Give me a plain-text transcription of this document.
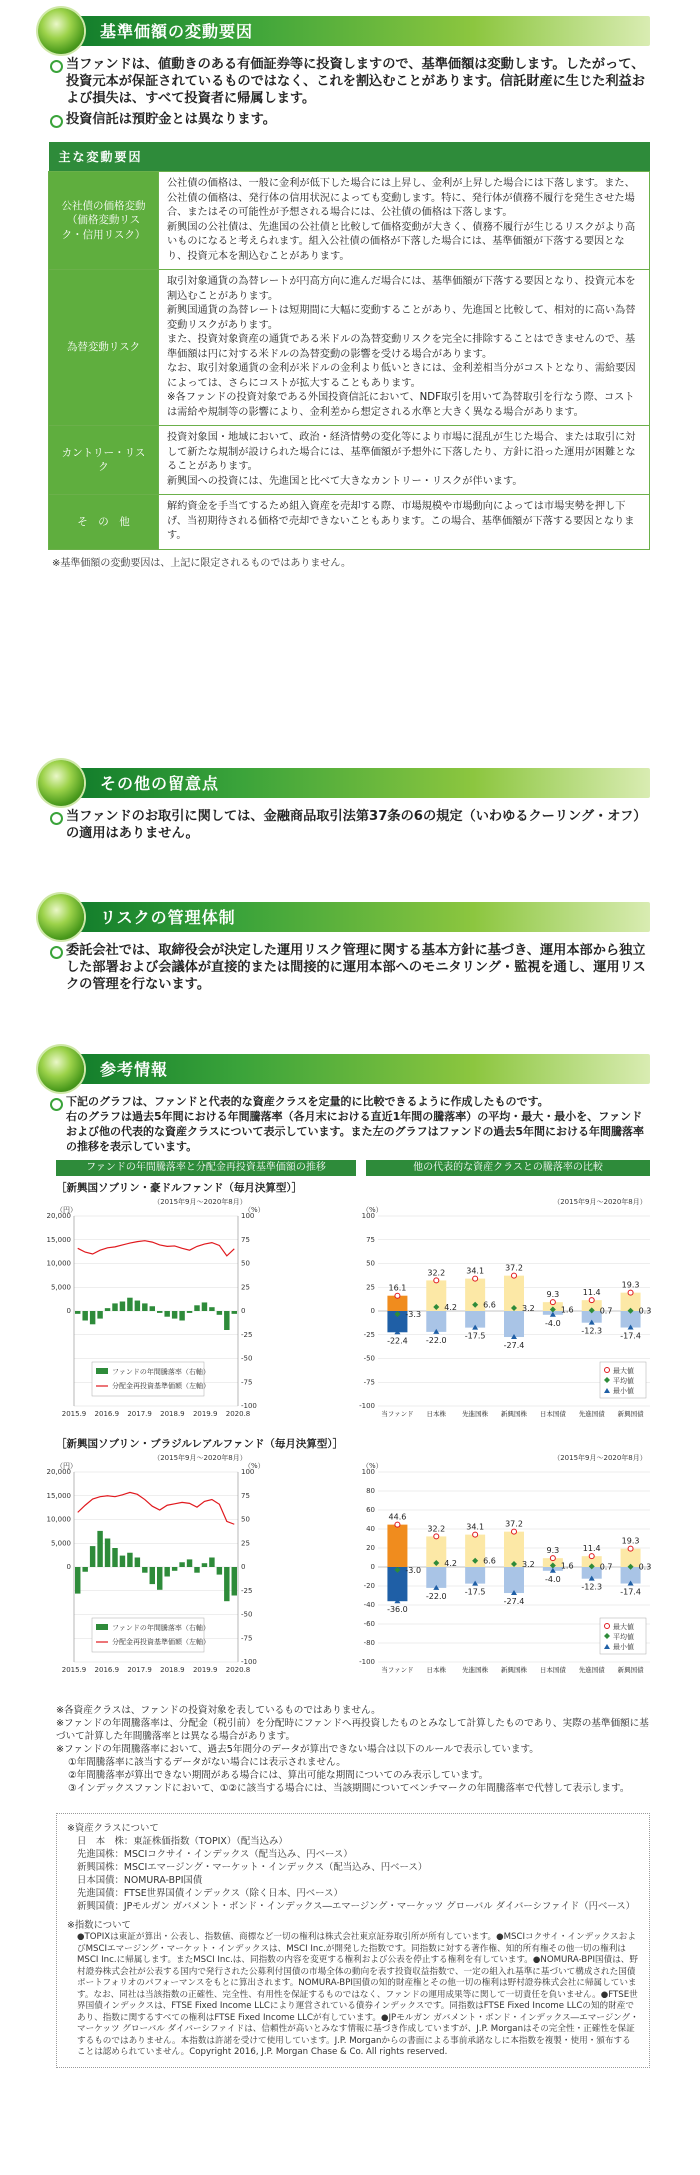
基準価額の変動要因
当ファンドは、値動きのある有価証券等に投資しますので、基準価額は変動します。したがって、投資元本が保証されているものではなく、これを割込むことがあります。信託財産に生じた利益および損失は、すべて投資者に帰属します。
投資信託は預貯金とは異なります。
主な変動要因	
公社債の価格変動
（価格変動リスク・信用リスク）	公社債の価格は、一般に金利が低下した場合には上昇し、金利が上昇した場合には下落します。また、公社債の価格は、発行体の信用状況によっても変動します。特に、発行体が債務不履行を発生させた場合、またはその可能性が予想される場合には、公社債の価格は下落します。
新興国の公社債は、先進国の公社債と比較して価格変動が大きく、債務不履行が生じるリスクがより高いものになると考えられます。組入公社債の価格が下落した場合には、基準価額が下落する要因となり、投資元本を割込むことがあります。
為替変動リスク	取引対象通貨の為替レートが円高方向に進んだ場合には、基準価額が下落する要因となり、投資元本を割込むことがあります。
新興国通貨の為替レートは短期間に大幅に変動することがあり、先進国と比較して、相対的に高い為替変動リスクがあります。
また、投資対象資産の通貨である米ドルの為替変動リスクを完全に排除することはできませんので、基準価額は円に対する米ドルの為替変動の影響を受ける場合があります。
なお、取引対象通貨の金利が米ドルの金利より低いときには、金利差相当分がコストとなり、需給要因によっては、さらにコストが拡大することもあります。
※各ファンドの投資対象である外国投資信託において、NDF取引を用いて為替取引を行なう際、コストは需給や規制等の影響により、金利差から想定される水準と大きく異なる場合があります。
カントリー・リスク	投資対象国・地域において、政治・経済情勢の変化等により市場に混乱が生じた場合、または取引に対して新たな規制が設けられた場合には、基準価額が予想外に下落したり、方針に沿った運用が困難となることがあります。
新興国への投資には、先進国と比べて大きなカントリー・リスクが伴います。
そ　の　他	解約資金を手当てするため組入資産を売却する際、市場規模や市場動向によっては市場実勢を押し下げ、当初期待される価格で売却できないこともあります。この場合、基準価額が下落する要因となります。
※基準価額の変動要因は、上記に限定されるものではありません。
その他の留意点
当ファンドのお取引に関しては、金融商品取引法第37条の6の規定（いわゆるクーリング・オフ）の適用はありません。
リスクの管理体制
委託会社では、取締役会が決定した運用リスク管理に関する基本方針に基づき、運用本部から独立した部署および会議体が直接的または間接的に運用本部へのモニタリング・監視を通し、運用リスクの管理を行ないます。
参考情報
下記のグラフは、ファンドと代表的な資産クラスを定量的に比較できるように作成したものです。
右のグラフは過去5年間における年間騰落率（各月末における直近1年間の騰落率）の平均・最大・最小を、ファンドおよび他の代表的な資産クラスについて表示しています。また左のグラフはファンドの過去5年間における年間騰落率の推移を表示しています。
ファンドの年間騰落率と分配金再投資基準価額の推移	他の代表的な資産クラスとの騰落率の比較
［新興国ソブリン・豪ドルファンド（毎月決算型）］
［新興国ソブリン・ブラジルレアルファンド（毎月決算型）］
（2015年9月～2020年8月）
（円）	（%）
20,000
15,000
10,000
5,000
0
100
75
50
25
0
-25
-50
-75
-100
2015.9 2016.9 2017.9 2018.9 2019.9 2020.8
ファンドの年間騰落率（右軸）
分配金再投資基準価額（左軸）
（2015年9月～2020年8月）
（%）
100
75
50
25
0
-25
-50
-75
-100
16.1
-3.3
-22.4
当ファンド
32.2
4.2
-22.0
日本株
34.1
6.6
-17.5
先進国株
37.2
3.2
-27.4
新興国株
9.3
1.6
-4.0
日本国債
11.4
0.7
-12.3
先進国債
19.3
0.3
-17.4
新興国債
最大値
平均値
最小値
（2015年9月～2020年8月）
（円）	（%）
20,000
15,000
10,000
5,000
0
100
75
50
25
0
-25
-50
-75
-100
2015.9 2016.9 2017.9 2018.9 2019.9 2020.8
ファンドの年間騰落率（右軸）
分配金再投資基準価額（左軸）
（2015年9月～2020年8月）
（%）
100
80
60
40
20
0
-20
-40
-60
-80
-100
44.6
-3.0
-36.0
当ファンド
32.2
4.2
-22.0
日本株
34.1
6.6
-17.5
先進国株
37.2
3.2
-27.4
新興国株
9.3
1.6
-4.0
日本国債
11.4
0.7
-12.3
先進国債
19.3
0.3
-17.4
新興国債
最大値
平均値
最小値
※各資産クラスは、ファンドの投資対象を表しているものではありません。
※ファンドの年間騰落率は、分配金（税引前）を分配時にファンドへ再投資したものとみなして計算したものであり、実際の基準価額に基づいて計算した年間騰落率とは異なる場合があります。
※ファンドの年間騰落率において、過去5年間分のデータが算出できない場合は以下のルールで表示しています。
①年間騰落率に該当するデータがない場合には表示されません。
②年間騰落率が算出できない期間がある場合には、算出可能な期間についてのみ表示しています。
③インデックスファンドにおいて、①②に該当する場合には、当該期間についてベンチマークの年間騰落率で代替して表示します。
※資産クラスについて
日　本　株：東証株価指数（TOPIX）（配当込み）
先進国株：MSCIコクサイ・インデックス（配当込み、円ベース）
新興国株：MSCIエマージング・マーケット・インデックス（配当込み、円ベース）
日本国債：NOMURA-BPI国債
先進国債：FTSE世界国債インデックス（除く日本、円ベース）
新興国債：JPモルガン ガバメント・ボンド・インデックス―エマージング・マーケッツ グローバル ダイバーシファイド（円ベース）
※指数について
●TOPIXは東証が算出・公表し、指数値、商標など一切の権利は株式会社東京証券取引所が所有しています。●MSCIコクサイ・インデックスおよびMSCIエマージング・マーケット・インデックスは、MSCI Inc.が開発した指数です。同指数に対する著作権、知的所有権その他一切の権利はMSCI Inc.に帰属します。またMSCI Inc.は、同指数の内容を変更する権利および公表を停止する権利を有しています。●NOMURA-BPI国債は、野村證券株式会社が公表する国内で発行された公募利付国債の市場全体の動向を表す投資収益指数で、一定の組入れ基準に基づいて構成された国債ポートフォリオのパフォーマンスをもとに算出されます。NOMURA-BPI国債の知的財産権とその他一切の権利は野村證券株式会社に帰属しています。なお、同社は当該指数の正確性、完全性、有用性を保証するものではなく、ファンドの運用成果等に関して一切責任を負いません。●FTSE世界国債インデックスは、FTSE Fixed Income LLCにより運営されている債券インデックスです。同指数はFTSE Fixed Income LLCの知的財産であり、指数に関するすべての権利はFTSE Fixed Income LLCが有しています。●JPモルガン ガバメント・ボンド・インデックス―エマージング・マーケッツ グローバル ダイバーシファイドは、信頼性が高いとみなす情報に基づき作成していますが、J.P. Morganはその完全性・正確性を保証するものではありません。本指数は許諾を受けて使用しています。J.P. Morganからの書面による事前承諾なしに本指数を複製・使用・頒布することは認められていません。Copyright 2016, J.P. Morgan Chase & Co. All rights reserved.
